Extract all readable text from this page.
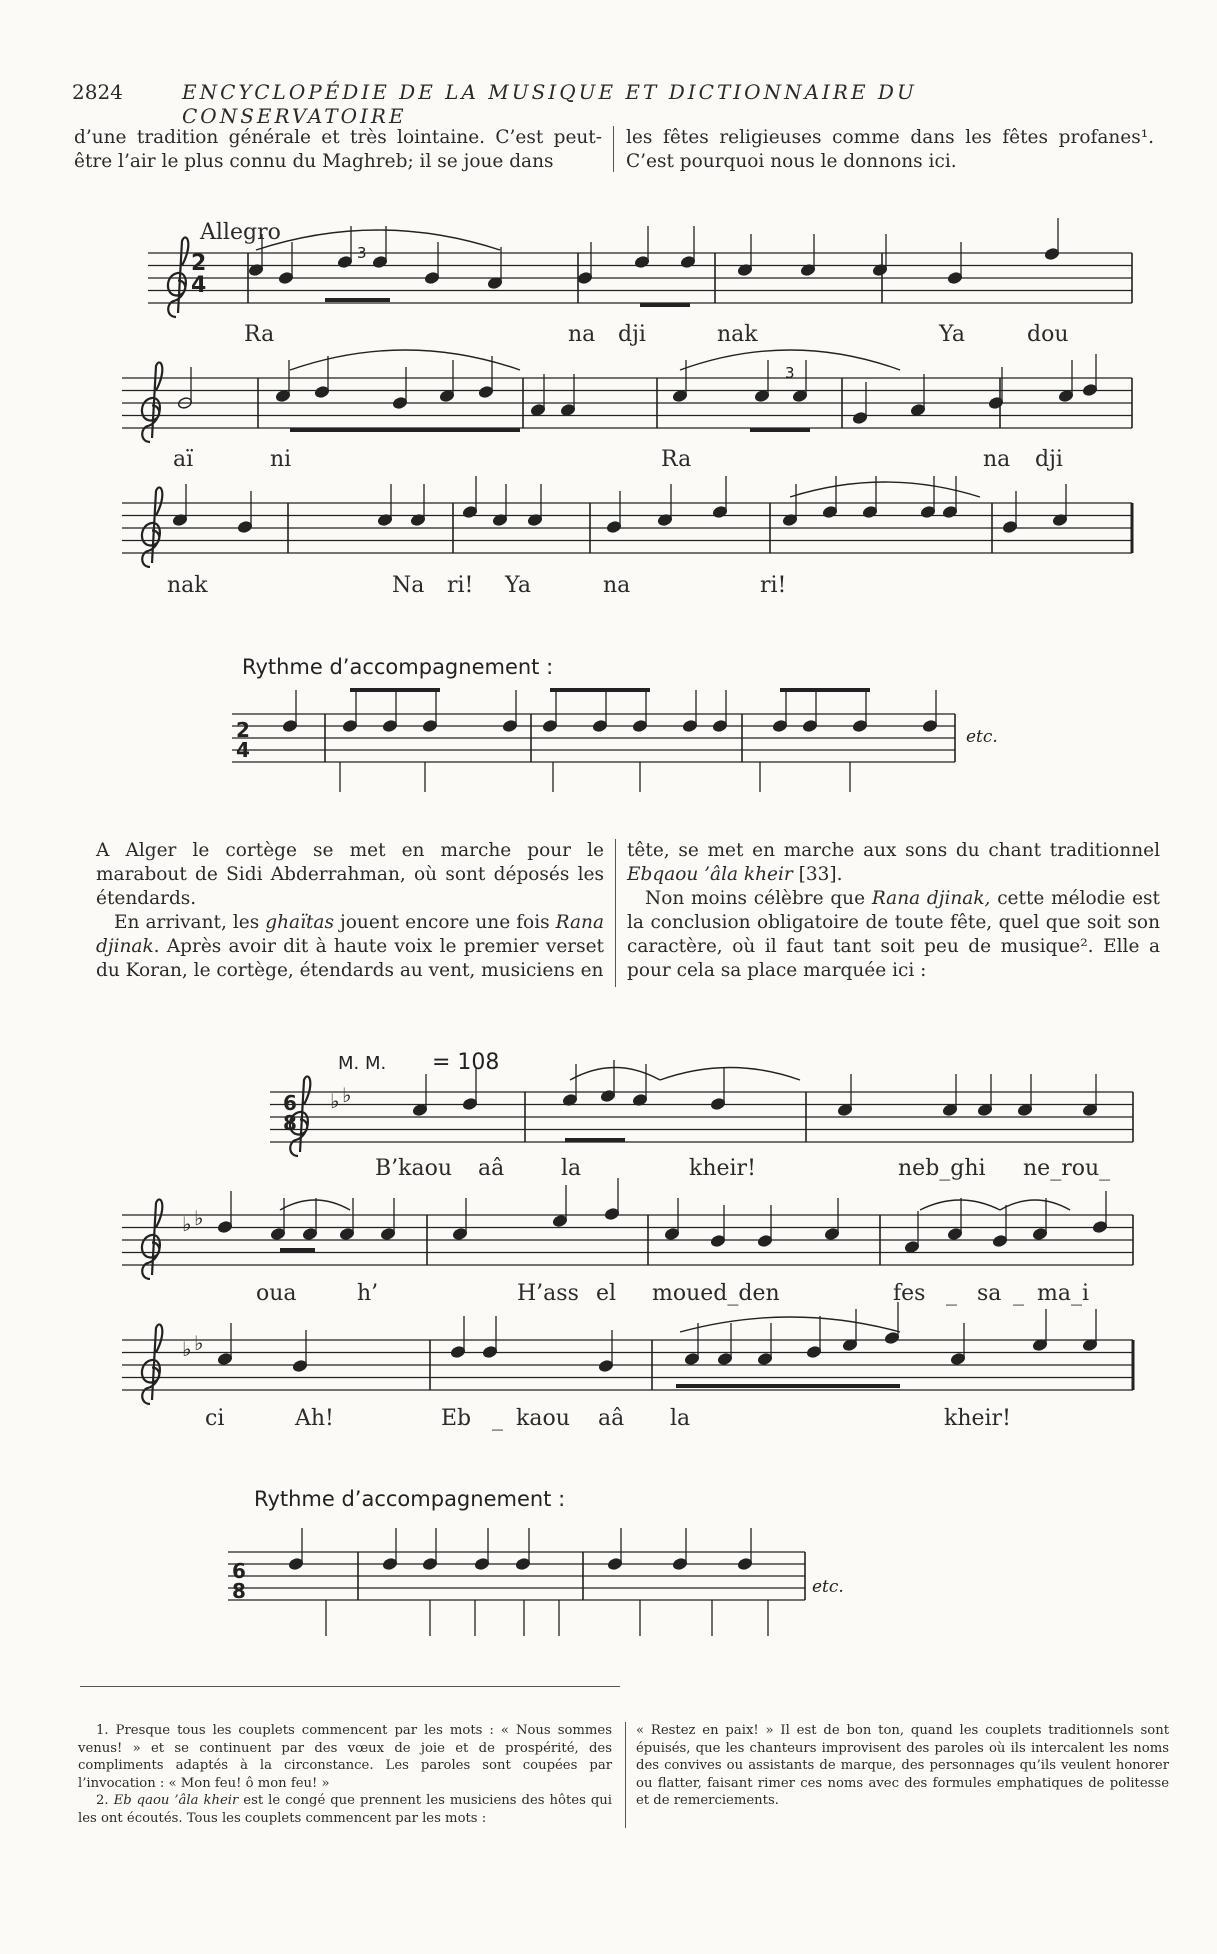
2824	ENCYCLOPÉDIE DE LA MUSIQUE ET DICTIONNAIRE DU CONSERVATOIRE
d’une tradition générale et très lointaine. C’est peut-être l’air le plus connu du Maghreb; il se joue dans
les fêtes religieuses comme dans les fêtes profanes¹. C’est pourquoi nous le donnons ici.
♭ ♭
♭ ♭
♭ ♭
Allegro
2
4
3
3
Ra	na dji	nak	Ya	dou
aï	ni	Ra	na dji
nak	Na ri! Ya	na	ri!
Rythme d’accompagnement :
2
4
etc.
M. M. = 108
6
8
B’kaou aâ	la	kheir!	neb_ghi ne_rou_
oua	h’	H’ass el moued_den	fes _ sa _ ma_i
ci	Ah!	Eb _ kaou aâ la	kheir!
Rythme d’accompagnement :
6
8	etc.
A Alger le cortège se met en marche pour le marabout de Sidi Abderrahman, où sont déposés les étendards.
En arrivant, les ghaïtas jouent encore une fois Rana djinak. Après avoir dit à haute voix le premier verset du Koran, le cortège, étendards au vent, musiciens en
tête, se met en marche aux sons du chant traditionnel Ebqaou ’âla kheir [33].
Non moins célèbre que Rana djinak, cette mélodie est la conclusion obligatoire de toute fête, quel que soit son caractère, où il faut tant soit peu de musique². Elle a pour cela sa place marquée ici :
1. Presque tous les couplets commencent par les mots : « Nous sommes venus! » et se continuent par des vœux de joie et de prospérité, des compliments adaptés à la circonstance. Les paroles sont coupées par l’invocation : « Mon feu! ô mon feu! »
2. Eb qaou ’âla kheir est le congé que prennent les musiciens des hôtes qui les ont écoutés. Tous les couplets commencent par les mots :
« Restez en paix! » Il est de bon ton, quand les couplets traditionnels sont épuisés, que les chanteurs improvisent des paroles où ils intercalent les noms des convives ou assistants de marque, des personnages qu’ils veulent honorer ou flatter, faisant rimer ces noms avec des formules emphatiques de politesse et de remerciements.
